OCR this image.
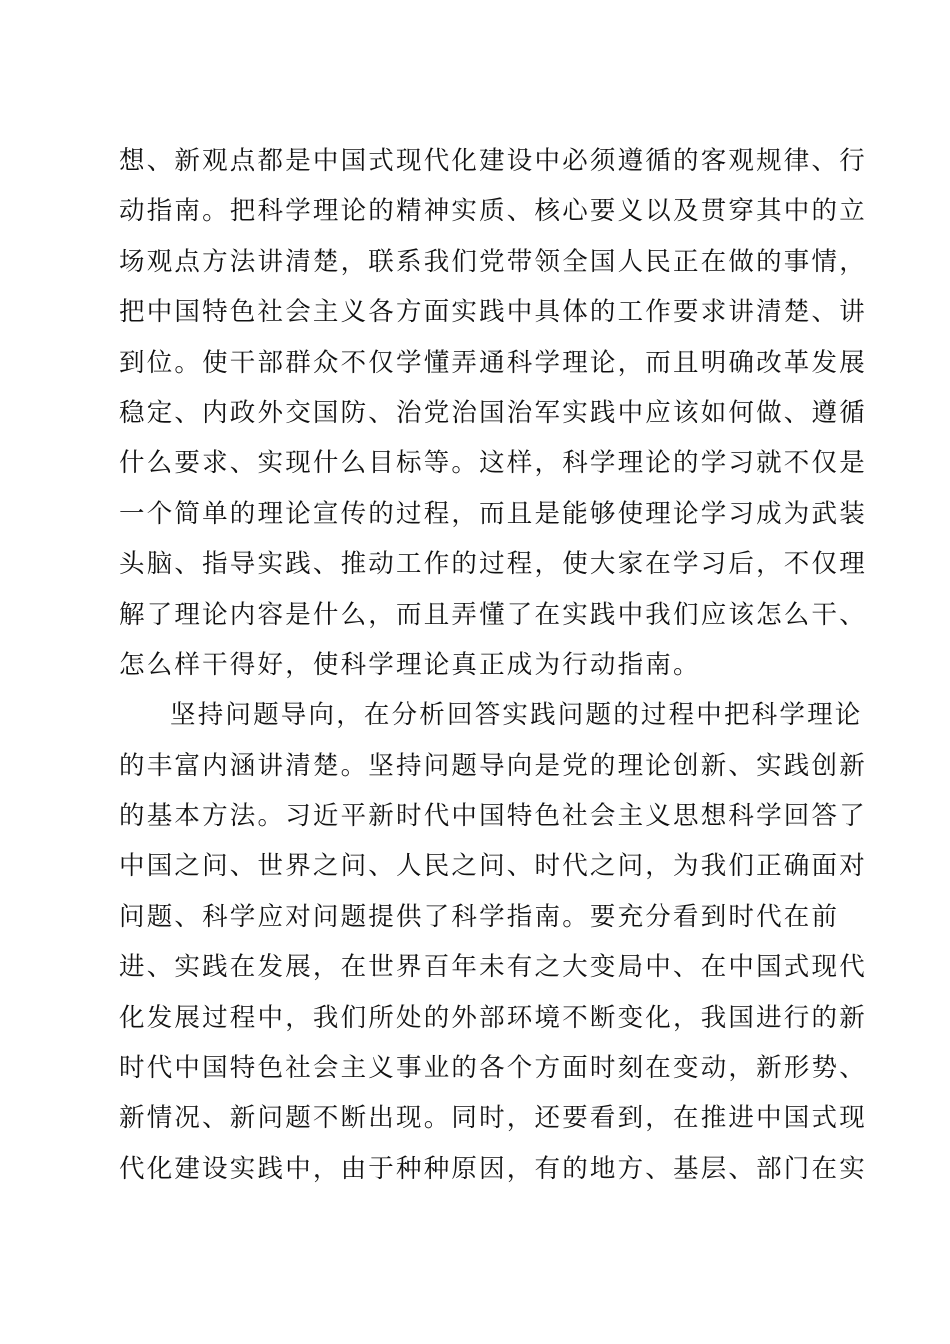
想、新观点都是中国式现代化建设中必须遵循的客观规律、行
动指南。把科学理论的精神实质、核心要义以及贯穿其中的立
场观点方法讲清楚，联系我们党带领全国人民正在做的事情，
把中国特色社会主义各方面实践中具体的工作要求讲清楚、讲
到位。使干部群众不仅学懂弄通科学理论，而且明确改革发展
稳定、内政外交国防、治党治国治军实践中应该如何做、遵循
什么要求、实现什么目标等。这样，科学理论的学习就不仅是
一个简单的理论宣传的过程，而且是能够使理论学习成为武装
头脑、指导实践、推动工作的过程，使大家在学习后，不仅理
解了理论内容是什么，而且弄懂了在实践中我们应该怎么干、
怎么样干得好，使科学理论真正成为行动指南。
坚持问题导向，在分析回答实践问题的过程中把科学理论
的丰富内涵讲清楚。坚持问题导向是党的理论创新、实践创新
的基本方法。习近平新时代中国特色社会主义思想科学回答了
中国之问、世界之问、人民之问、时代之问，为我们正确面对
问题、科学应对问题提供了科学指南。要充分看到时代在前
进、实践在发展，在世界百年未有之大变局中、在中国式现代
化发展过程中，我们所处的外部环境不断变化，我国进行的新
时代中国特色社会主义事业的各个方面时刻在变动，新形势、
新情况、新问题不断出现。同时，还要看到，在推进中国式现
代化建设实践中，由于种种原因，有的地方、基层、部门在实
